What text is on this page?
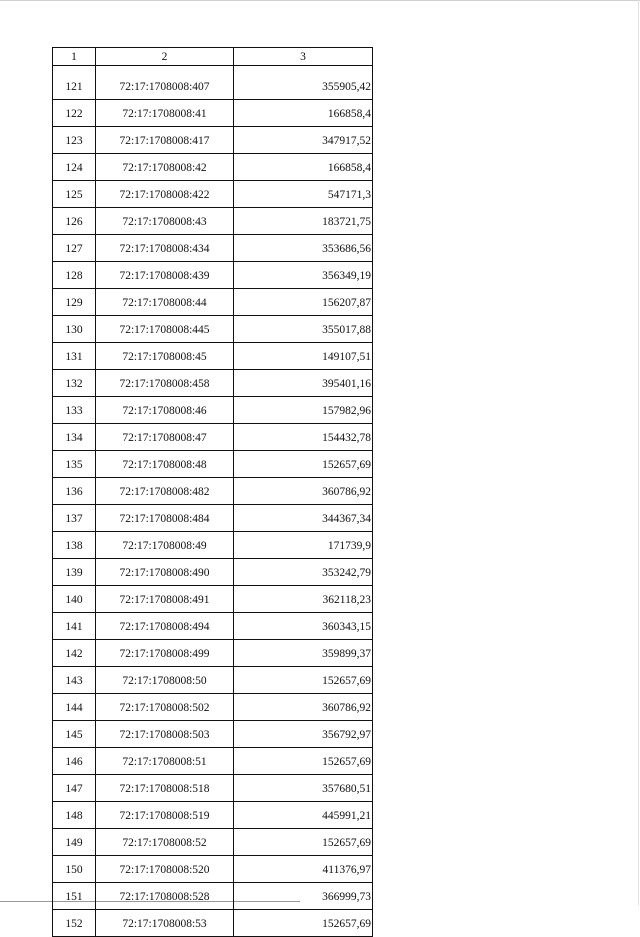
1	2	3

121	72:17:1708008:407	355905,42
122	72:17:1708008:41	166858,4
123	72:17:1708008:417	347917,52
124	72:17:1708008:42	166858,4
125	72:17:1708008:422	547171,3
126	72:17:1708008:43	183721,75
127	72:17:1708008:434	353686,56
128	72:17:1708008:439	356349,19
129	72:17:1708008:44	156207,87
130	72:17:1708008:445	355017,88
131	72:17:1708008:45	149107,51
132	72:17:1708008:458	395401,16
133	72:17:1708008:46	157982,96
134	72:17:1708008:47	154432,78
135	72:17:1708008:48	152657,69
136	72:17:1708008:482	360786,92
137	72:17:1708008:484	344367,34
138	72:17:1708008:49	171739,9
139	72:17:1708008:490	353242,79
140	72:17:1708008:491	362118,23
141	72:17:1708008:494	360343,15
142	72:17:1708008:499	359899,37
143	72:17:1708008:50	152657,69
144	72:17:1708008:502	360786,92
145	72:17:1708008:503	356792,97
146	72:17:1708008:51	152657,69
147	72:17:1708008:518	357680,51
148	72:17:1708008:519	445991,21
149	72:17:1708008:52	152657,69
150	72:17:1708008:520	411376,97
151	72:17:1708008:528	366999,73
152	72:17:1708008:53	152657,69
